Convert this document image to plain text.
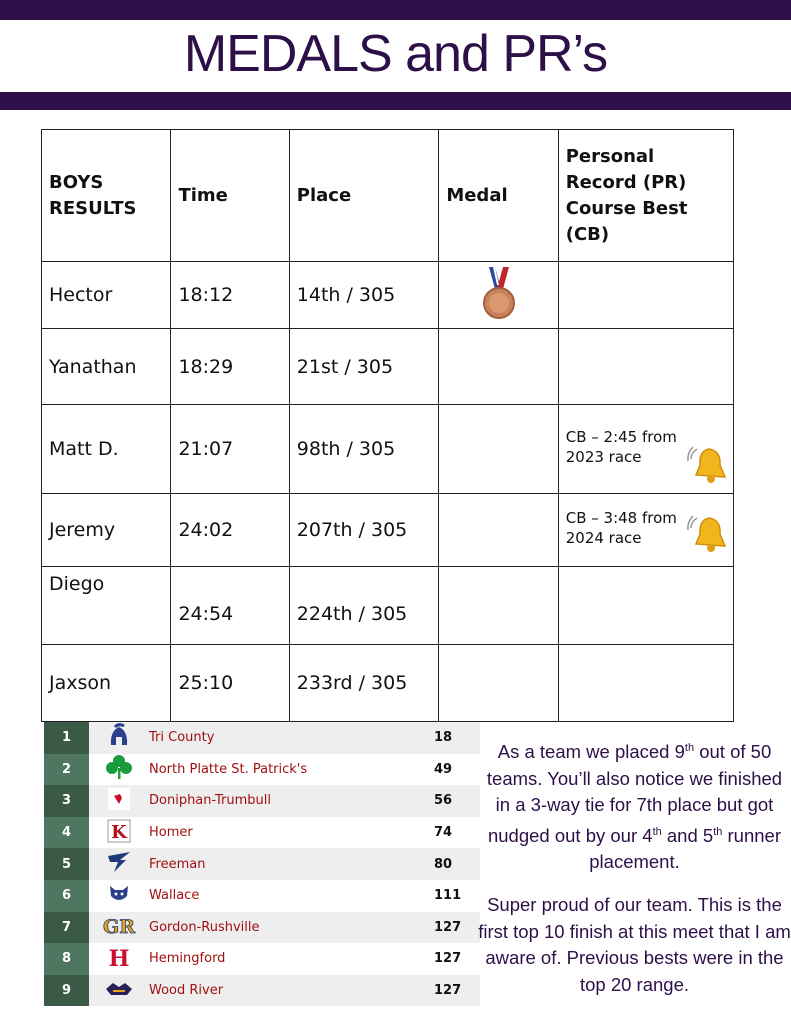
MEDALS and PR’s
BOYS RESULTS	Time	Place	Medal	Personal Record (PR) Course Best (CB)
Hector	18:12	14th / 305		
Yanathan	18:29	21st / 305		
Matt D.	21:07	98th / 305		CB – 2:45 from 2023 race

Jeremy	24:02	207th / 305		CB – 3:48 from 2024 race

Diego	24:54	224th / 305		
Jaxson	25:10	233rd / 305		
1		Tri County	18
2		North Platte St. Patrick's	49
3		Doniphan-Trumbull	56
4	K	Homer	74
5		Freeman	80
6		Wallace	111
7	GR	Gordon-Rushville	127
8	H	Hemingford	127
9		Wood River	127
As a team we placed 9th out of 50 teams. You’ll also notice we finished in a 3-way tie for 7th place but got nudged out by our 4th and 5th runner placement.
Super proud of our team. This is the first top 10 finish at this meet that I am aware of. Previous bests were in the top 20 range.
